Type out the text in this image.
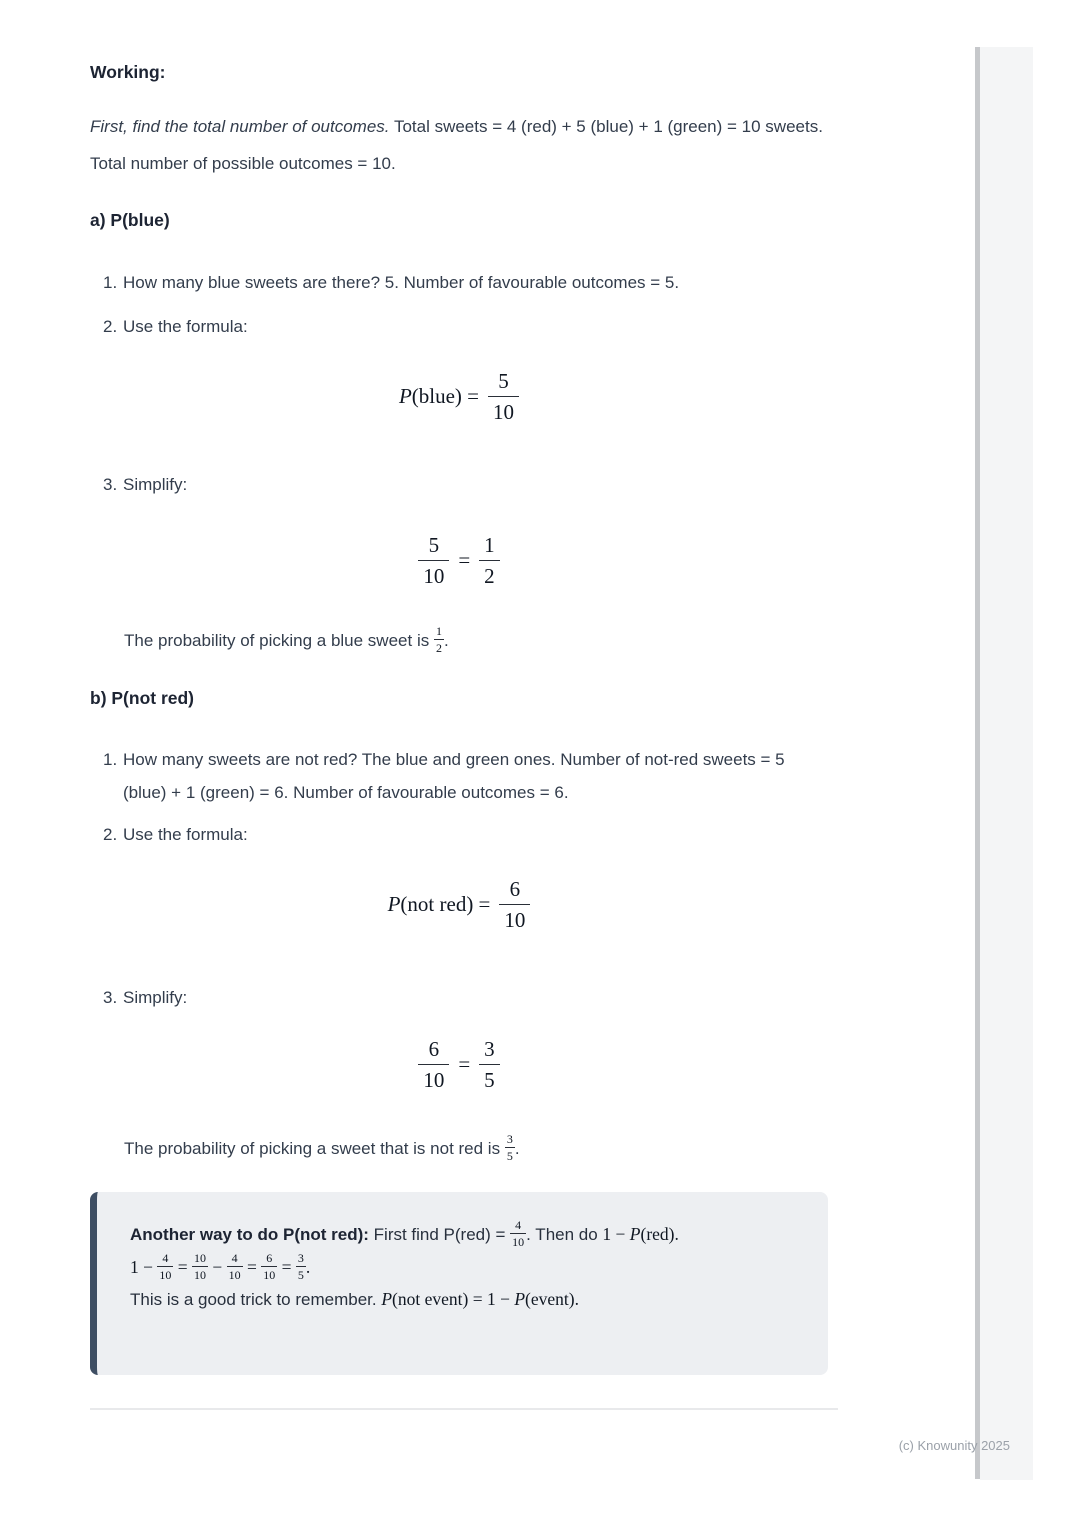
Working:
First, find the total number of outcomes. Total sweets = 4 (red) + 5 (blue) + 1 (green) = 10 sweets. Total number of possible outcomes = 10.
a) P(blue)
1. How many blue sweets are there? 5. Number of favourable outcomes = 5.
2. Use the formula:
P(blue) = $\frac{5}{10}$
3. Simplify:
$\frac{5}{10} = \frac{1}{2}$
The probability of picking a blue sweet is $\frac{1}{2}$ .
b) P(not red)
1. How many sweets are not red? The blue and green ones. Number of not-red sweets = 5 (blue) + 1 (green) = 6. Number of favourable outcomes = 6.
2. Use the formula:
P(not $red) = \frac{6}{10}$
3. Simplify:
$\frac{6}{10} = \frac{3}{5}$
The probability of picking a sweet that is not red is $\frac{3}{5}$ .
Another way to do P(not red): First find $P(red) = \frac{4}{10}$ . Then do 1 − P(red).
$1 - \frac{4}{10} = \frac{10}{10} - \frac{4}{10} = \frac{6}{10} = \frac{3}{5}$ .
This is a good trick to remember. P(not event) = 1 − P(event).
(c) Knowunity 2025
